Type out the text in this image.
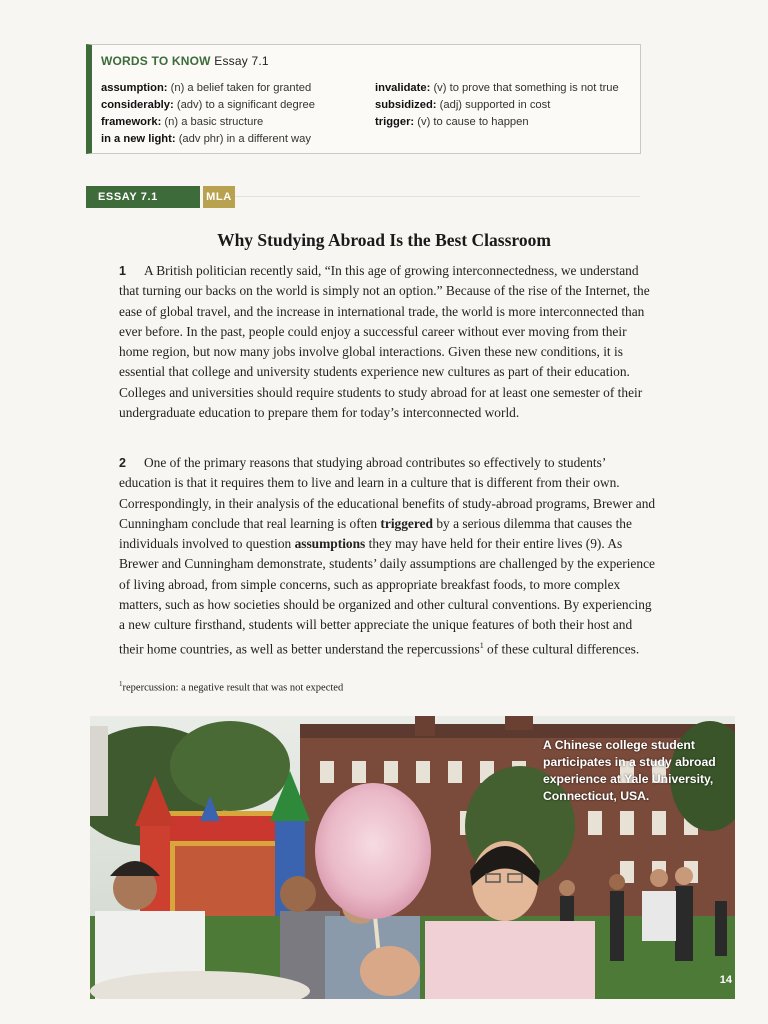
WORDS TO KNOW Essay 7.1
assumption: (n) a belief taken for granted
considerably: (adv) to a significant degree
framework: (n) a basic structure
in a new light: (adv phr) in a different way
invalidate: (v) to prove that something is not true
subsidized: (adj) supported in cost
trigger: (v) to cause to happen
ESSAY 7.1	MLA
Why Studying Abroad Is the Best Classroom
1 A British politician recently said, “In this age of growing interconnectedness, we understand that turning our backs on the world is simply not an option.” Because of the rise of the Internet, the ease of global travel, and the increase in international trade, the world is more interconnected than ever before. In the past, people could enjoy a successful career without ever moving from their home region, but now many jobs involve global interactions. Given these new conditions, it is essential that college and university students experience new cultures as part of their education. Colleges and universities should require students to study abroad for at least one semester of their undergraduate education to prepare them for today’s interconnected world.
2 One of the primary reasons that studying abroad contributes so effectively to students’ education is that it requires them to live and learn in a culture that is different from their own. Correspondingly, in their analysis of the educational benefits of study-abroad programs, Brewer and Cunningham conclude that real learning is often triggered by a serious dilemma that causes the individuals involved to question assumptions they may have held for their entire lives (9). As Brewer and Cunningham demonstrate, students’ daily assumptions are challenged by the experience of living abroad, from simple concerns, such as appropriate breakfast foods, to more complex matters, such as how societies should be organized and other cultural conventions. By experiencing a new culture firsthand, students will better appreciate the unique features of both their host and their home countries, as well as better understand the repercussions$^1$ of these cultural differences.
$^1$repercussion: a negative result that was not expected
A Chinese college student participates in a study abroad experience at Yale University, Connecticut, USA.
14
